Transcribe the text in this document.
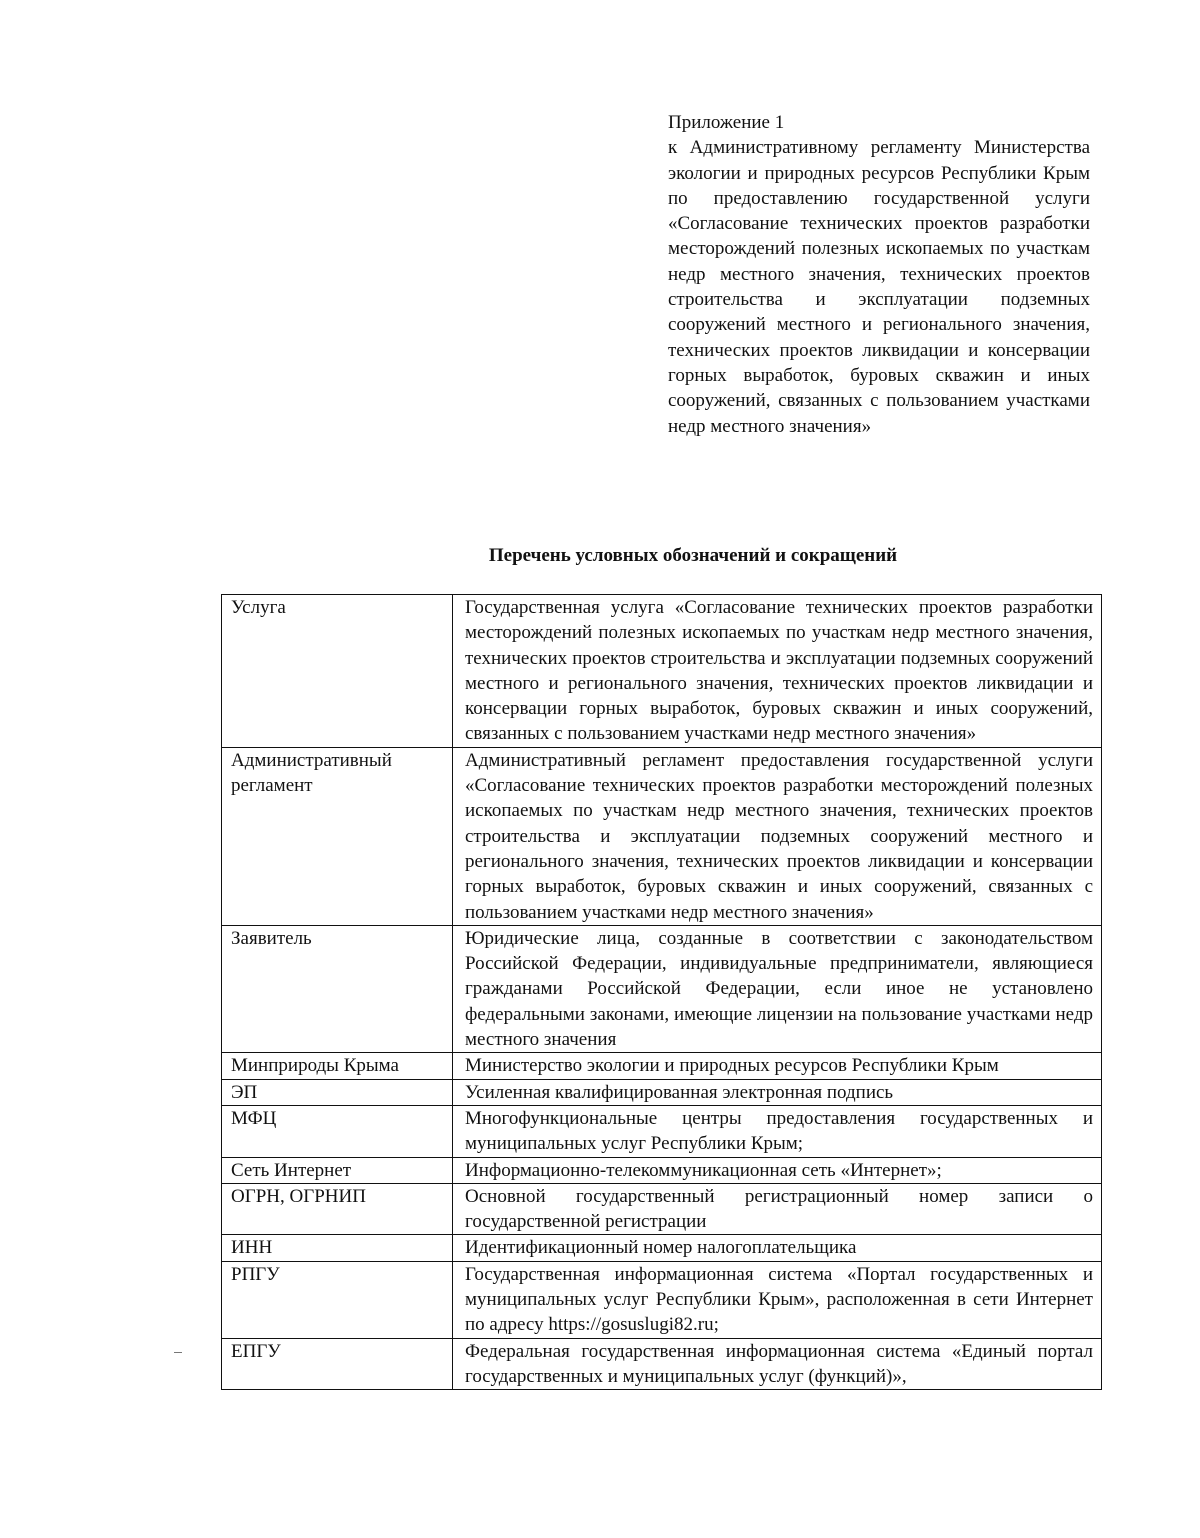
Приложение 1

к Административному регламенту Министерства экологии и природных ресурсов Республики Крым по предоставлению государственной услуги «Согласование технических проектов разработки месторождений полезных ископаемых по участкам недр местного значения, технических проектов строительства и эксплуатации подземных сооружений местного и регионального значения, технических проектов ликвидации и консервации горных выработок, буровых скважин и иных сооружений, связанных с пользованием участками недр местного значения»

Перечень условных обозначений и сокращений

Услуга	Государственная услуга «Согласование технических проектов разработки месторождений полезных ископаемых по участкам недр местного значения, технических проектов строительства и эксплуатации подземных сооружений местного и регионального значения, технических проектов ликвидации и консервации горных выработок, буровых скважин и иных сооружений, связанных с пользованием участками недр местного значения»
Административный регламент	Административный регламент предоставления государственной услуги «Согласование технических проектов разработки месторождений полезных ископаемых по участкам недр местного значения, технических проектов строительства и эксплуатации подземных сооружений местного и регионального значения, технических проектов ликвидации и консервации горных выработок, буровых скважин и иных сооружений, связанных с пользованием участками недр местного значения»
Заявитель	Юридические лица, созданные в соответствии с законодательством Российской Федерации, индивидуальные предприниматели, являющиеся гражданами Российской Федерации, если иное не установлено федеральными законами, имеющие лицензии на пользование участками недр местного значения
Минприроды Крыма	Министерство экологии и природных ресурсов Республики Крым
ЭП	Усиленная квалифицированная электронная подпись
МФЦ	Многофункциональные центры предоставления государственных и муниципальных услуг Республики Крым;
Сеть Интернет	Информационно-телекоммуникационная сеть «Интернет»;
ОГРН, ОГРНИП	Основной государственный регистрационный номер записи о государственной регистрации
ИНН	Идентификационный номер налогоплательщика
РПГУ	Государственная информационная система «Портал государственных и муниципальных услуг Республики Крым», расположенная в сети Интернет по адресу https://gosuslugi82.ru;
ЕПГУ	Федеральная государственная информационная система «Единый портал государственных и муниципальных услуг (функций)»,
